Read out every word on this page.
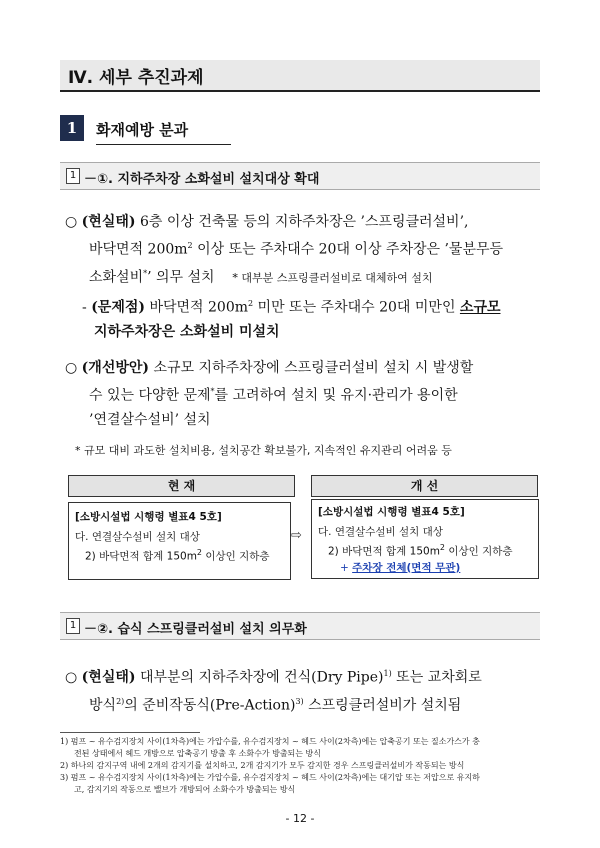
Ⅳ. 세부 추진과제
1	화재예방 분과
1 －①. 지하주차장 소화설비 설치대상 확대
○ (현실태) 6층 이상 건축물 등의 지하주차장은 ’스프링클러설비’,
바닥면적 $200m^2$ 이상 또는 주차대수 20대 이상 주차장은 ’물분무등
소화설비*’ 의무 설치 * 대부분 스프링클러설비로 대체하여 설치
- (문제점) 바닥면적 $200m^2$ 미만 또는 주차대수 20대 미만인 소규모
지하주차장은 소화설비 미설치
○ (개선방안) 소규모 지하주차장에 스프링클러설비 설치 시 발생할
수 있는 다양한 문제*를 고려하여 설치 및 유지·관리가 용이한
’연결살수설비’ 설치
* 규모 대비 과도한 설치비용, 설치공간 확보불가, 지속적인 유지관리 어려움 등
현 재
[소방시설법 시행령 별표4 5호]
다. 연결살수설비 설치 대상
2) 바닥면적 합계 $150m^2$ 이상인 지하층
⇨
개 선
[소방시설법 시행령 별표4 5호]
다. 연결살수설비 설치 대상
2) 바닥면적 합계 $150m^2$ 이상인 지하층
+ 주차장 전체(면적 무관)
1 －②. 습식 스프링클러설비 설치 의무화
○ (현실태) 대부분의 지하주차장에 건식(Dry Pipe)$^{1)}$ 또는 교차회로
방식$^{2)}$의 준비작동식(Pre-Action)$^{3)}$ 스프링클러설비가 설치됨
1) 펌프 ~ 유수검지장치 사이(1차측)에는 가압수를, 유수검지장치 ~ 헤드 사이(2차측)에는 압축공기 또는 질소가스가 충
전된 상태에서 헤드 개방으로 압축공기 방출 후 소화수가 방출되는 방식
2) 하나의 감지구역 내에 2개의 감지기를 설치하고, 2개 감지기가 모두 감지한 경우 스프링클러설비가 작동되는 방식
3) 펌프 ~ 유수검지장치 사이(1차측)에는 가압수를, 유수검지장치 ~ 헤드 사이(2차측)에는 대기압 또는 저압으로 유지하
고, 감지기의 작동으로 밸브가 개방되어 소화수가 방출되는 방식
- 12 -
